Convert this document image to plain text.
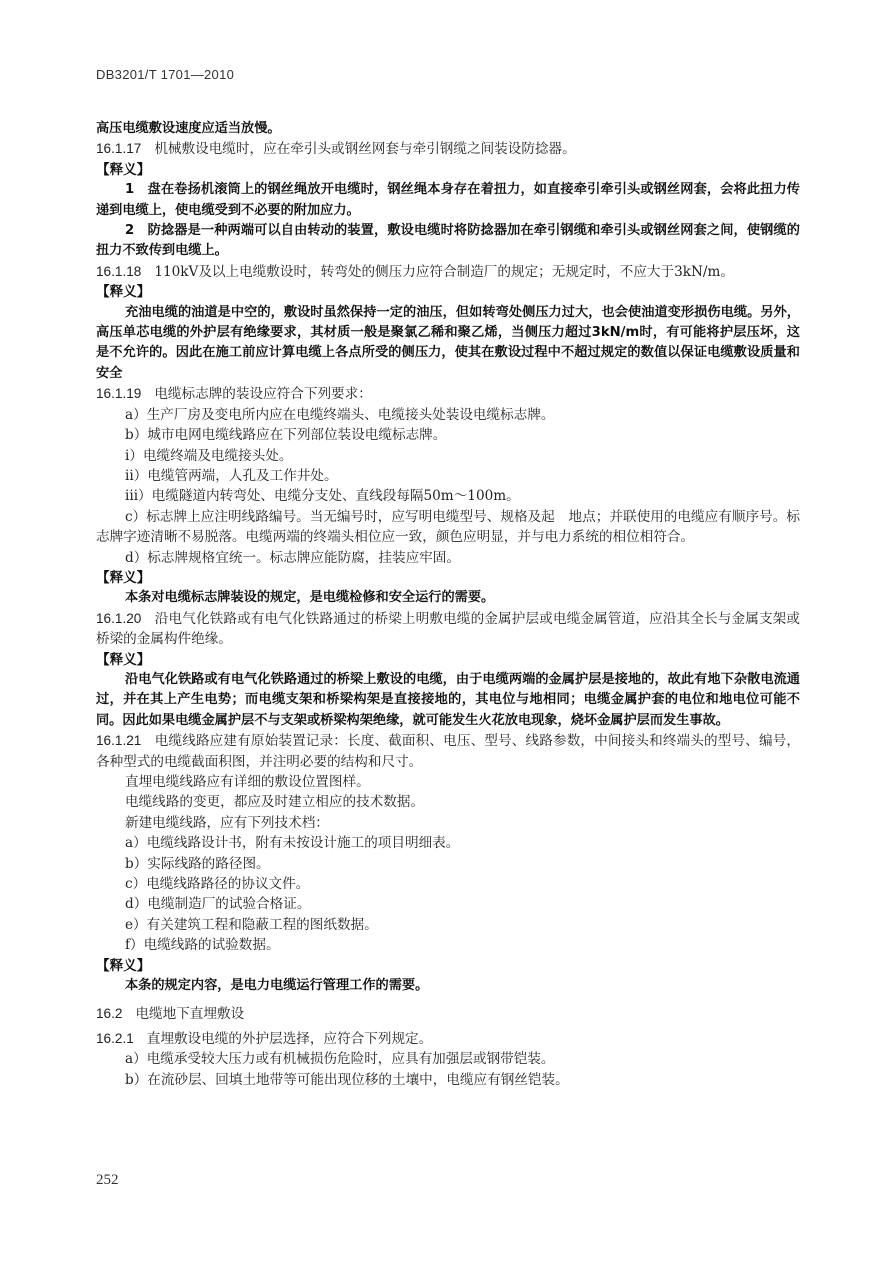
DB3201/T 1701—2010

高压电缆敷设速度应适当放慢。

16.1.17 机械敷设电缆时，应在牵引头或钢丝网套与牵引钢缆之间装设防捻器。

【释义】

1　盘在卷扬机滚筒上的钢丝绳放开电缆时，钢丝绳本身存在着扭力，如直接牵引牵引头或钢丝网套，会将此扭力传递到电缆上，使电缆受到不必要的附加应力。

2　防捻器是一种两端可以自由转动的装置，敷设电缆时将防捻器加在牵引钢缆和牵引头或钢丝网套之间，使钢缆的扭力不致传到电缆上。

16.1.18 110kV及以上电缆敷设时，转弯处的侧压力应符合制造厂的规定；无规定时，不应大于3kN/m。

【释义】

充油电缆的油道是中空的，敷设时虽然保持一定的油压，但如转弯处侧压力过大，也会使油道变形损伤电缆。另外，高压单芯电缆的外护层有绝缘要求，其材质一般是聚氯乙稀和聚乙烯，当侧压力超过3kN/m时，有可能将护层压坏，这是不允许的。因此在施工前应计算电缆上各点所受的侧压力，使其在敷设过程中不超过规定的数值以保证电缆敷设质量和安全

16.1.19 电缆标志牌的装设应符合下列要求：

a）生产厂房及变电所内应在电缆终端头、电缆接头处装设电缆标志牌。

b）城市电网电缆线路应在下列部位装设电缆标志牌。

i）电缆终端及电缆接头处。

ii）电缆管两端，人孔及工作井处。

iii）电缆隧道内转弯处、电缆分支处、直线段每隔50m～100m。

c）标志牌上应注明线路编号。当无编号时，应写明电缆型号、规格及起　地点；并联使用的电缆应有顺序号。标志牌字迹清晰不易脱落。电缆两端的终端头相位应一致，颜色应明显，并与电力系统的相位相符合。

d）标志牌规格宜统一。标志牌应能防腐，挂装应牢固。

【释义】

本条对电缆标志牌装设的规定，是电缆检修和安全运行的需要。

16.1.20 沿电气化铁路或有电气化铁路通过的桥梁上明敷电缆的金属护层或电缆金属管道，应沿其全长与金属支架或桥梁的金属构件绝缘。

【释义】

沿电气化铁路或有电气化铁路通过的桥梁上敷设的电缆，由于电缆两端的金属护层是接地的，故此有地下杂散电流通过，并在其上产生电势；而电缆支架和桥梁构架是直接接地的，其电位与地相同；电缆金属护套的电位和地电位可能不同。因此如果电缆金属护层不与支架或桥梁构架绝缘，就可能发生火花放电现象，烧坏金属护层而发生事故。

16.1.21 电缆线路应建有原始装置记录：长度、截面积、电压、型号、线路参数，中间接头和终端头的型号、编号，各种型式的电缆截面积图，并注明必要的结构和尺寸。

直埋电缆线路应有详细的敷设位置图样。

电缆线路的变更，都应及时建立相应的技术数据。

新建电缆线路，应有下列技术档：

a）电缆线路设计书，附有未按设计施工的项目明细表。

b）实际线路的路径图。

c）电缆线路路径的协议文件。

d）电缆制造厂的试验合格证。

e）有关建筑工程和隐蔽工程的图纸数据。

f）电缆线路的试验数据。

【释义】

本条的规定内容，是电力电缆运行管理工作的需要。

16.2 电缆地下直埋敷设

16.2.1 直埋敷设电缆的外护层选择，应符合下列规定。

a）电缆承受较大压力或有机械损伤危险时，应具有加强层或钢带铠装。

b）在流砂层、回填土地带等可能出现位移的土壤中，电缆应有钢丝铠装。

252
